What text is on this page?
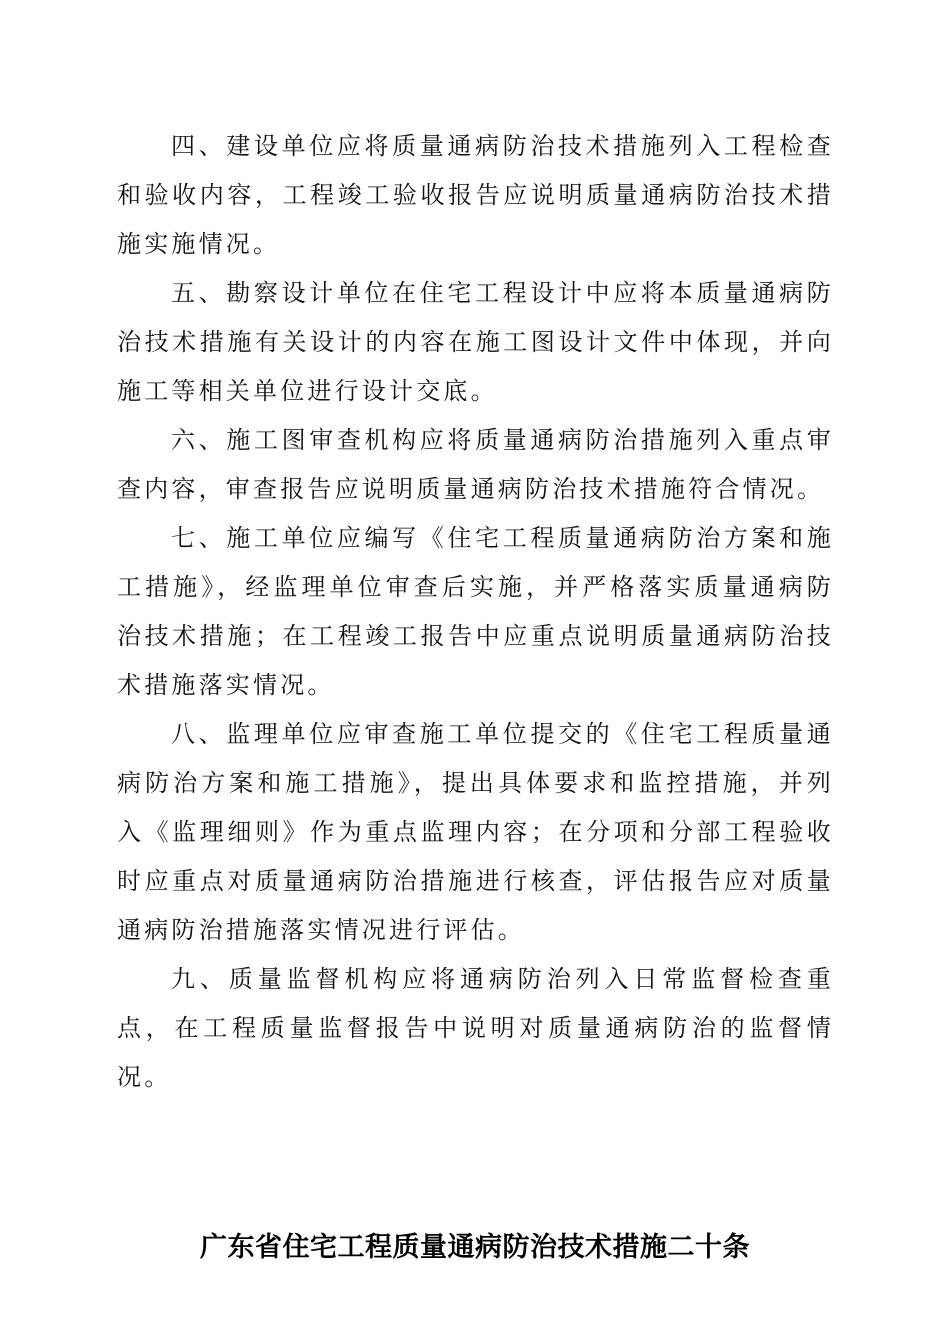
四、建设单位应将质量通病防治技术措施列入工程检查和验收内容，工程竣工验收报告应说明质量通病防治技术措施实施情况。

五、勘察设计单位在住宅工程设计中应将本质量通病防治技术措施有关设计的内容在施工图设计文件中体现，并向施工等相关单位进行设计交底。

六、施工图审查机构应将质量通病防治措施列入重点审查内容，审查报告应说明质量通病防治技术措施符合情况。

七、施工单位应编写《住宅工程质量通病防治方案和施工措施》，经监理单位审查后实施，并严格落实质量通病防治技术措施；在工程竣工报告中应重点说明质量通病防治技术措施落实情况。

八、监理单位应审查施工单位提交的《住宅工程质量通病防治方案和施工措施》，提出具体要求和监控措施，并列入《监理细则》作为重点监理内容；在分项和分部工程验收时应重点对质量通病防治措施进行核查，评估报告应对质量通病防治措施落实情况进行评估。

九、质量监督机构应将通病防治列入日常监督检查重点，在工程质量监督报告中说明对质量通病防治的监督情况。

广东省住宅工程质量通病防治技术措施二十条
